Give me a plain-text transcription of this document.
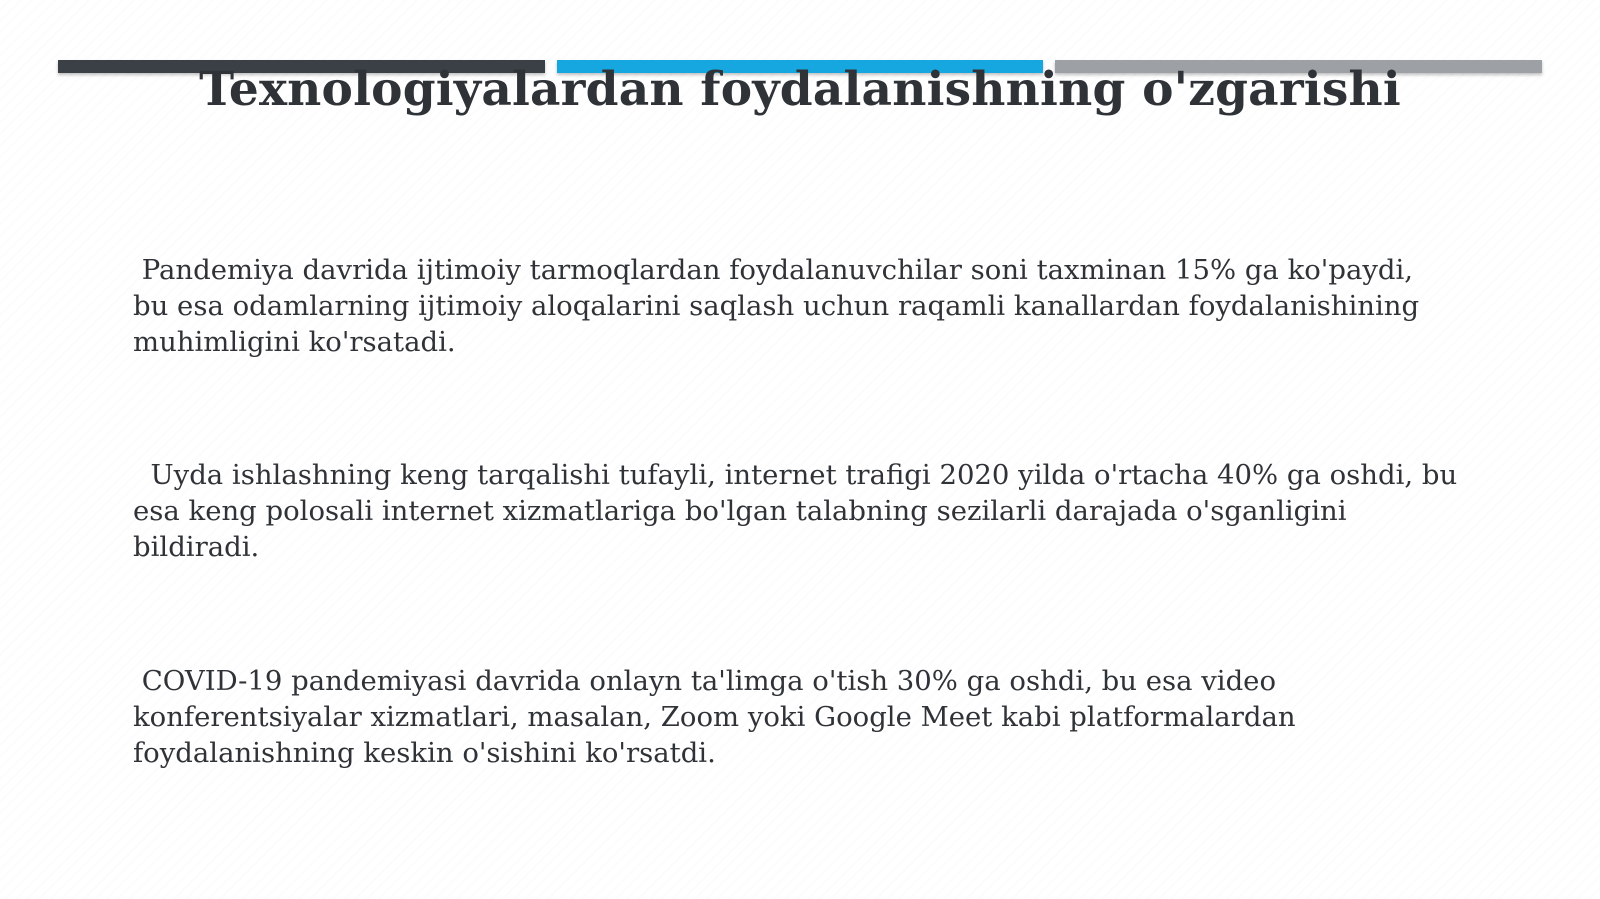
Texnologiyalardan foydalanishning o'zgarishi

Pandemiya davrida ijtimoiy tarmoqlardan foydalanuvchilar soni taxminan 15% ga ko'paydi,
bu esa odamlarning ijtimoiy aloqalarini saqlash uchun raqamli kanallardan foydalanishining
muhimligini ko'rsatadi.

Uyda ishlashning keng tarqalishi tufayli, internet trafigi 2020 yilda o'rtacha 40% ga oshdi, bu
esa keng polosali internet xizmatlariga bo'lgan talabning sezilarli darajada o'sganligini
bildiradi.

COVID-19 pandemiyasi davrida onlayn ta'limga o'tish 30% ga oshdi, bu esa video
konferentsiyalar xizmatlari, masalan, Zoom yoki Google Meet kabi platformalardan
foydalanishning keskin o'sishini ko'rsatdi.
